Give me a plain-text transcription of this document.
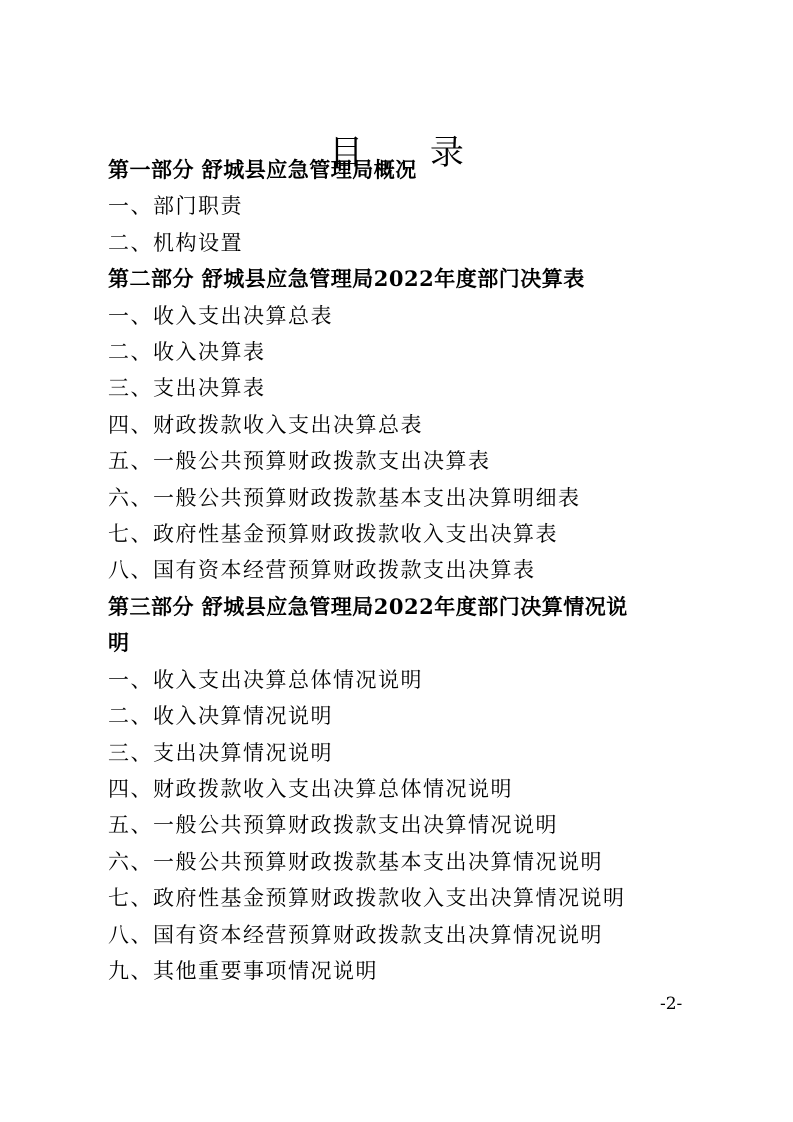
目 录
第一部分 舒城县应急管理局概况
一、部门职责
二、机构设置
第二部分 舒城县应急管理局2022年度部门决算表
一、收入支出决算总表
二、收入决算表
三、支出决算表
四、财政拨款收入支出决算总表
五、一般公共预算财政拨款支出决算表
六、一般公共预算财政拨款基本支出决算明细表
七、政府性基金预算财政拨款收入支出决算表
八、国有资本经营预算财政拨款支出决算表
第三部分 舒城县应急管理局2022年度部门决算情况说
明
一、收入支出决算总体情况说明
二、收入决算情况说明
三、支出决算情况说明
四、财政拨款收入支出决算总体情况说明
五、一般公共预算财政拨款支出决算情况说明
六、一般公共预算财政拨款基本支出决算情况说明
七、政府性基金预算财政拨款收入支出决算情况说明
八、国有资本经营预算财政拨款支出决算情况说明
九、其他重要事项情况说明
-2-
